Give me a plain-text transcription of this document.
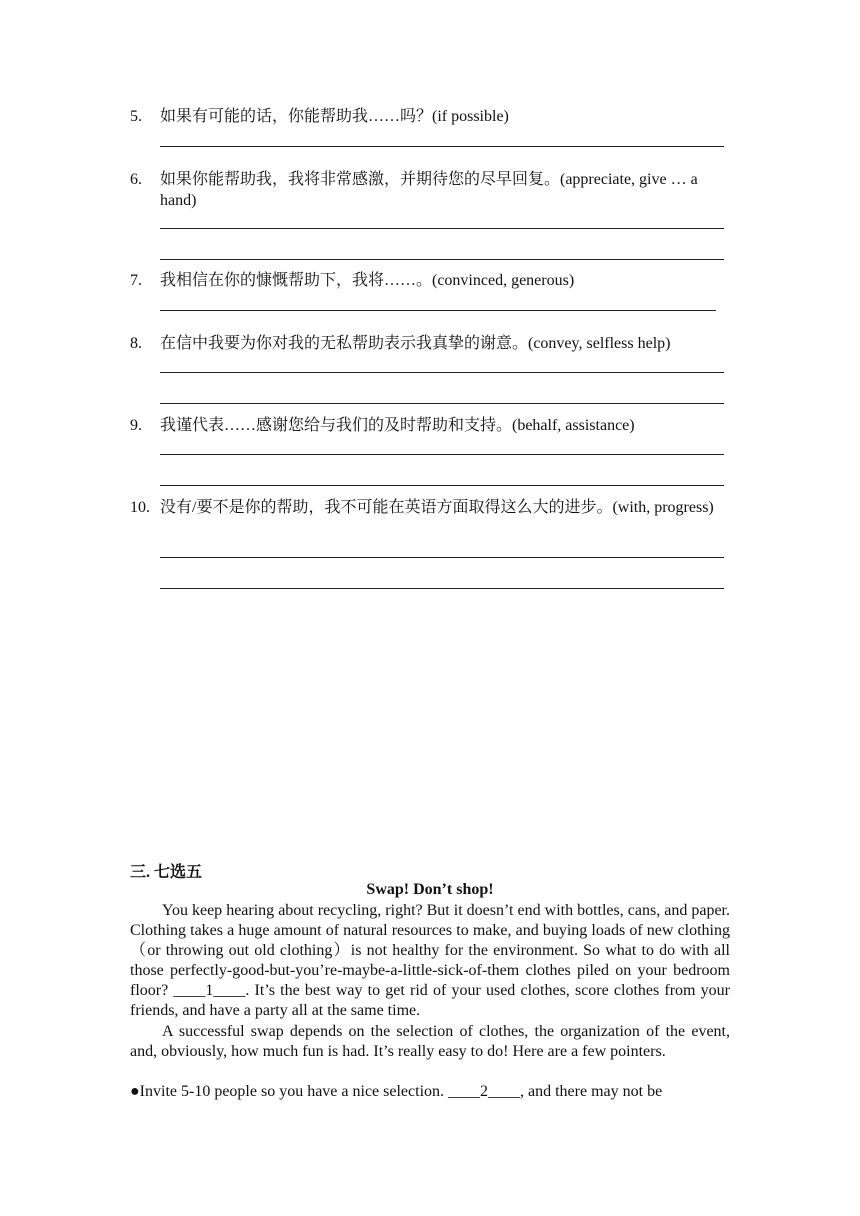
5. 如果有可能的话，你能帮助我……吗？(if possible)
6. 如果你能帮助我，我将非常感激，并期待您的尽早回复。(appreciate, give … a hand)
7. 我相信在你的慷慨帮助下，我将……。(convinced, generous)
8. 在信中我要为你对我的无私帮助表示我真挚的谢意。(convey, selfless help)
9. 我谨代表……感谢您给与我们的及时帮助和支持。(behalf, assistance)
10. 没有/要不是你的帮助，我不可能在英语方面取得这么大的进步。(with, progress)
三. 七选五
Swap! Don’t shop!
You keep hearing about recycling, right? But it doesn’t end with bottles, cans, and paper. Clothing takes a huge amount of natural resources to make, and buying loads of new clothing（or throwing out old clothing）is not healthy for the environment. So what to do with all those perfectly-good-but-you’re-maybe-a-little-sick-of-them clothes piled on your bedroom floor? ____1____. It’s the best way to get rid of your used clothes, score clothes from your friends, and have a party all at the same time.
A successful swap depends on the selection of clothes, the organization of the event, and, obviously, how much fun is had. It’s really easy to do! Here are a few pointers.
●Invite 5-10 people so you have a nice selection. ____2____, and there may not be
